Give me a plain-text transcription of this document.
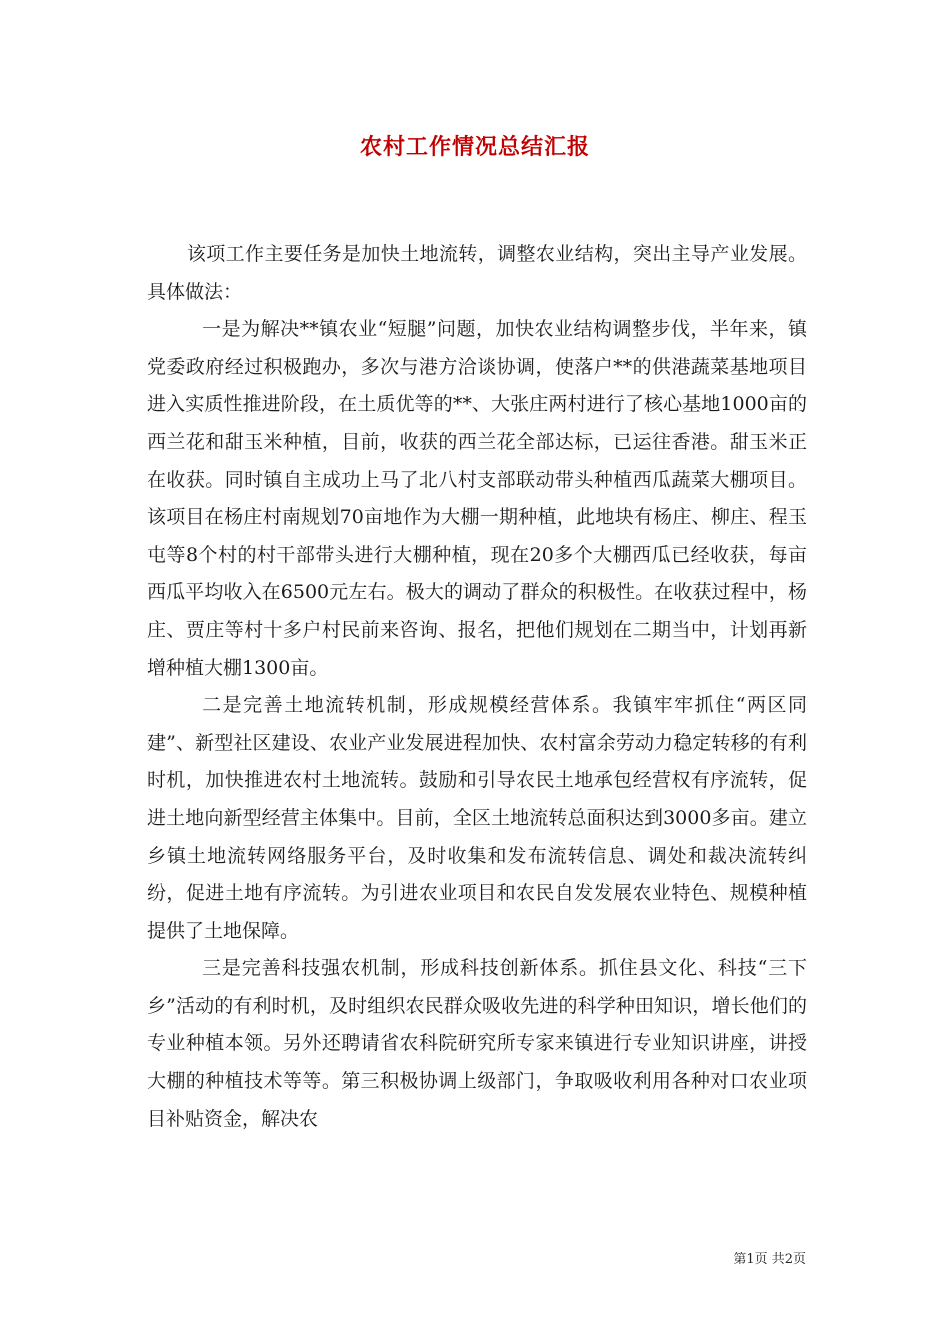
农村工作情况总结汇报

该项工作主要任务是加快土地流转，调整农业结构，突出主导产业发展。具体做法：

一是为解决**镇农业“短腿”问题，加快农业结构调整步伐，半年来，镇党委政府经过积极跑办，多次与港方洽谈协调，使落户**的供港蔬菜基地项目进入实质性推进阶段，在土质优等的**、大张庄两村进行了核心基地1000亩的西兰花和甜玉米种植，目前，收获的西兰花全部达标，已运往香港。甜玉米正在收获。同时镇自主成功上马了北八村支部联动带头种植西瓜蔬菜大棚项目。该项目在杨庄村南规划70亩地作为大棚一期种植，此地块有杨庄、柳庄、程玉屯等8个村的村干部带头进行大棚种植，现在20多个大棚西瓜已经收获，每亩西瓜平均收入在6500元左右。极大的调动了群众的积极性。在收获过程中，杨庄、贾庄等村十多户村民前来咨询、报名，把他们规划在二期当中，计划再新增种植大棚1300亩。

二是完善土地流转机制，形成规模经营体系。我镇牢牢抓住“两区同建”、新型社区建设、农业产业发展进程加快、农村富余劳动力稳定转移的有利时机，加快推进农村土地流转。鼓励和引导农民土地承包经营权有序流转，促进土地向新型经营主体集中。目前，全区土地流转总面积达到3000多亩。建立乡镇土地流转网络服务平台，及时收集和发布流转信息、调处和裁决流转纠纷，促进土地有序流转。为引进农业项目和农民自发发展农业特色、规模种植提供了土地保障。

三是完善科技强农机制，形成科技创新体系。抓住县文化、科技“三下乡”活动的有利时机，及时组织农民群众吸收先进的科学种田知识，增长他们的专业种植本领。另外还聘请省农科院研究所专家来镇进行专业知识讲座，讲授大棚的种植技术等等。第三积极协调上级部门，争取吸收利用各种对口农业项目补贴资金，解决农

第1页 共2页
